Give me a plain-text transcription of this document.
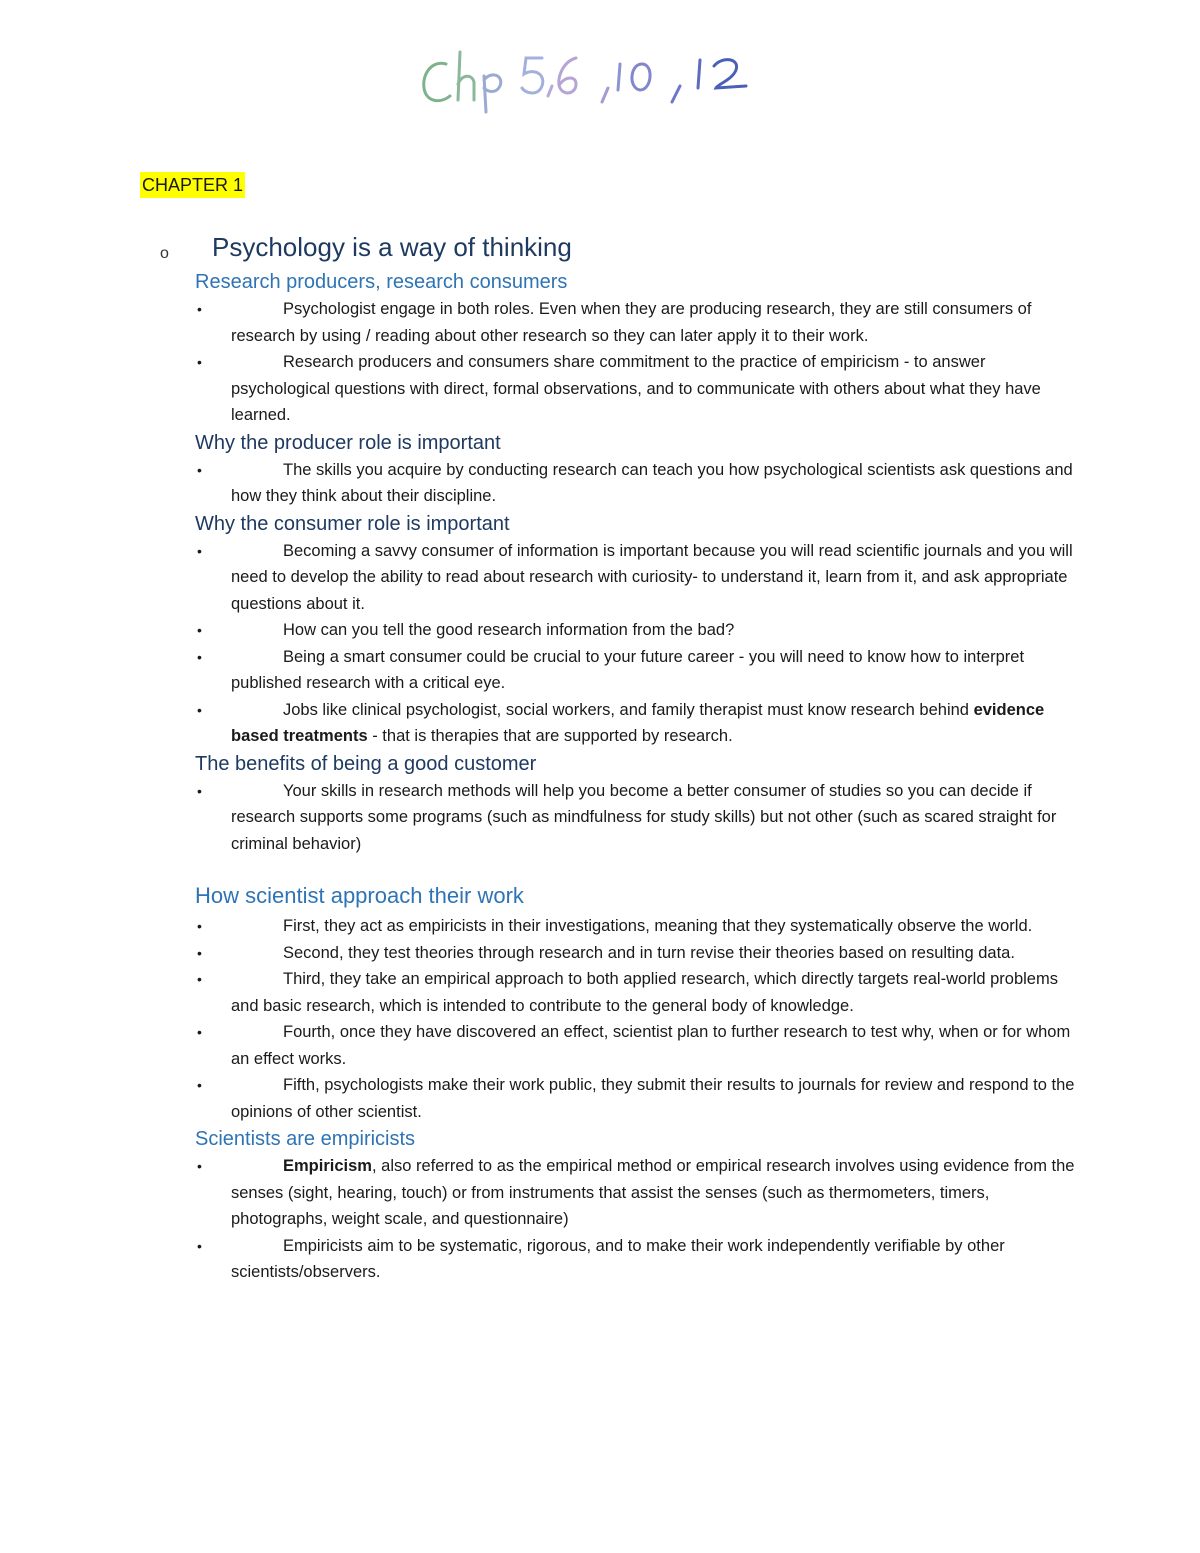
CHAPTER 1
o Psychology is a way of thinking
Research producers, research consumers
•	Psychologist engage in both roles. Even when they are producing research, they are still consumers of research by using / reading about other research so they can later apply it to their work.
•	Research producers and consumers share commitment to the practice of empiricism - to answer psychological questions with direct, formal observations, and to communicate with others about what they have learned.
Why the producer role is important
•	The skills you acquire by conducting research can teach you how psychological scientists ask questions and how they think about their discipline.
Why the consumer role is important
•	Becoming a savvy consumer of information is important because you will read scientific journals and you will need to develop the ability to read about research with curiosity- to understand it, learn from it, and ask appropriate questions about it.
•	How can you tell the good research information from the bad?
•	Being a smart consumer could be crucial to your future career - you will need to know how to interpret published research with a critical eye.
•	Jobs like clinical psychologist, social workers, and family therapist must know research behind evidence based treatments - that is therapies that are supported by research.
The benefits of being a good customer
•	Your skills in research methods will help you become a better consumer of studies so you can decide if research supports some programs (such as mindfulness for study skills) but not other (such as scared straight for criminal behavior)
How scientist approach their work
•	First, they act as empiricists in their investigations, meaning that they systematically observe the world.
•	Second, they test theories through research and in turn revise their theories based on resulting data.
•	Third, they take an empirical approach to both applied research, which directly targets real-world problems and basic research, which is intended to contribute to the general body of knowledge.
•	Fourth, once they have discovered an effect, scientist plan to further research to test why, when or for whom an effect works.
•	Fifth, psychologists make their work public, they submit their results to journals for review and respond to the opinions of other scientist.
Scientists are empiricists
•	Empiricism, also referred to as the empirical method or empirical research involves using evidence from the senses (sight, hearing, touch) or from instruments that assist the senses (such as thermometers, timers, photographs, weight scale, and questionnaire)
•	Empiricists aim to be systematic, rigorous, and to make their work independently verifiable by other scientists/observers.
